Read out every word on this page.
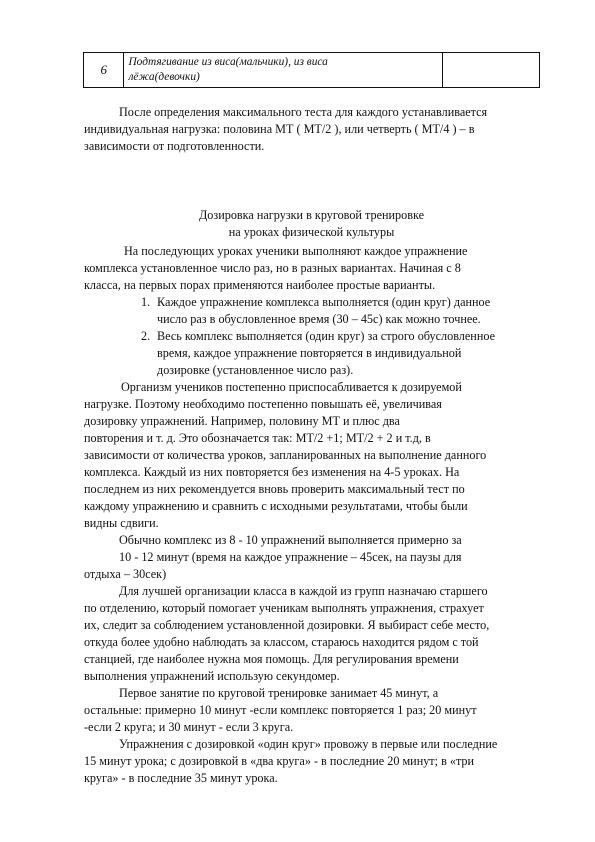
6	Подтягивание из виса(мальчики), из виса
лёжа(девочки)

После определения максимального теста для каждого устанавливается

индивидуальная нагрузка: половина МТ ( МТ/2 ), или четверть ( МТ/4 ) – в

зависимости от подготовленности.

Дозировка нагрузки в круговой тренировке

на уроках физической культуры

На последующих уроках ученики выполняют каждое упражнение

комплекса установленное число раз, но в разных вариантах. Начиная с 8

класса, на первых порах применяются наиболее простые варианты.

1. Каждое упражнение комплекса выполняется (один круг) данное

число раз в обусловленное время (30 – 45с) как можно точнее.

2. Весь комплекс выполняется (один круг) за строго обусловленное

время, каждое упражнение повторяется в индивидуальной

дозировке (установленное число раз).

Организм учеников постепенно приспосабливается к дозируемой

нагрузке. Поэтому необходимо постепенно повышать её, увеличивая

дозировку упражнений. Например, половину МТ и плюс два

повторения и т. д. Это обозначается так: МТ/2 +1; МТ/2 + 2 и т.д, в

зависимости от количества уроков, запланированных на выполнение данного

комплекса. Каждый из них повторяется без изменения на 4-5 уроках. На

последнем из них рекомендуется вновь проверить максимальный тест по

каждому упражнению и сравнить с исходными результатами, чтобы были

видны сдвиги.

Обычно комплекс из 8 - 10 упражнений выполняется примерно за

10 - 12 минут (время на каждое упражнение – 45сек, на паузы для

отдыха – 30сек)

Для лучшей организации класса в каждой из групп назначаю старшего

по отделению, который помогает ученикам выполнять упражнения, страхует

их, следит за соблюдением установленной дозировки. Я выбираст себе место,

откуда более удобно наблюдать за классом, стараюсь находится рядом с той

станцией, где наиболее нужна моя помощь. Для регулирования времени

выполнения упражнений использую секундомер.

Первое занятие по круговой тренировке занимает 45 минут, а

остальные: примерно 10 минут -если комплекс повторяется 1 раз; 20 минут

-если 2 круга; и 30 минут - если 3 круга.

Упражнения с дозировкой «один круг» провожу в первые или последние

15 минут урока; с дозировкой в «два круга» - в последние 20 минут; в «три

круга» - в последние 35 минут урока.
